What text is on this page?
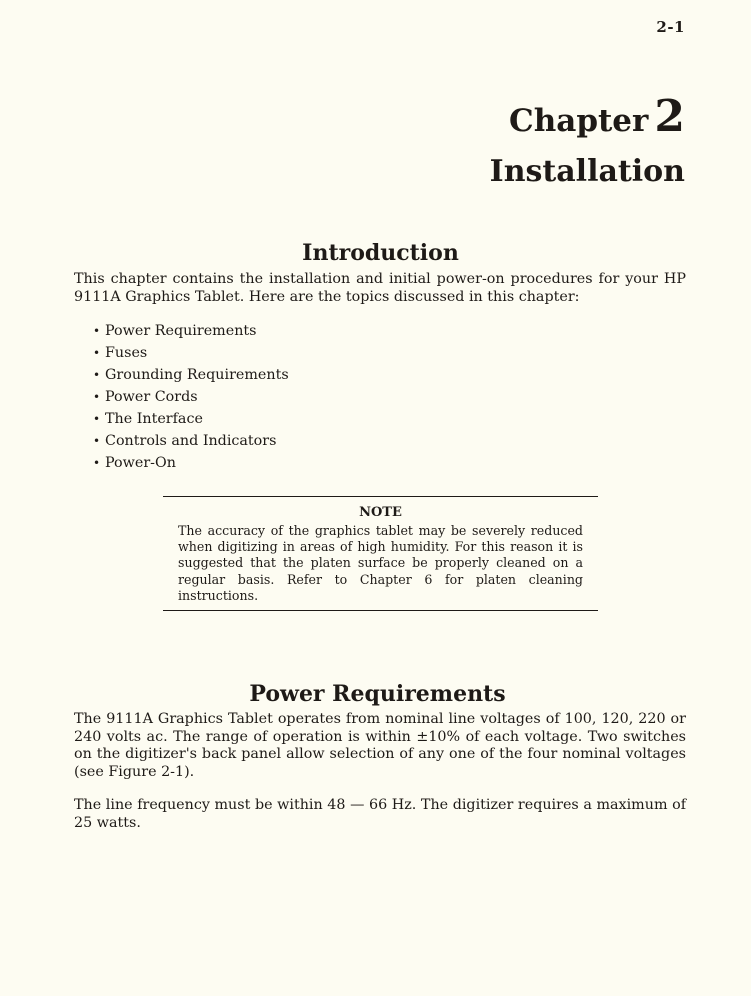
2-1
Chapter 2
Installation
Introduction

This chapter contains the installation and initial power-on procedures for your HP 9111A Graphics Tablet. Here are the topics discussed in this chapter:

• Power Requirements
• Fuses
• Grounding Requirements
• Power Cords
• The Interface
• Controls and Indicators
• Power-On
NOTE

The accuracy of the graphics tablet may be severely reduced when digitizing in areas of high humidity. For this reason it is suggested that the platen surface be properly cleaned on a regular basis. Refer to Chapter 6 for platen cleaning instructions.

Power Requirements

The 9111A Graphics Tablet operates from nominal line voltages of 100, 120, 220 or 240 volts ac. The range of operation is within ±10% of each voltage. Two switches on the digitizer's back panel allow selection of any one of the four nominal voltages (see Figure 2-1).

The line frequency must be within 48 — 66 Hz. The digitizer requires a maximum of 25 watts.
